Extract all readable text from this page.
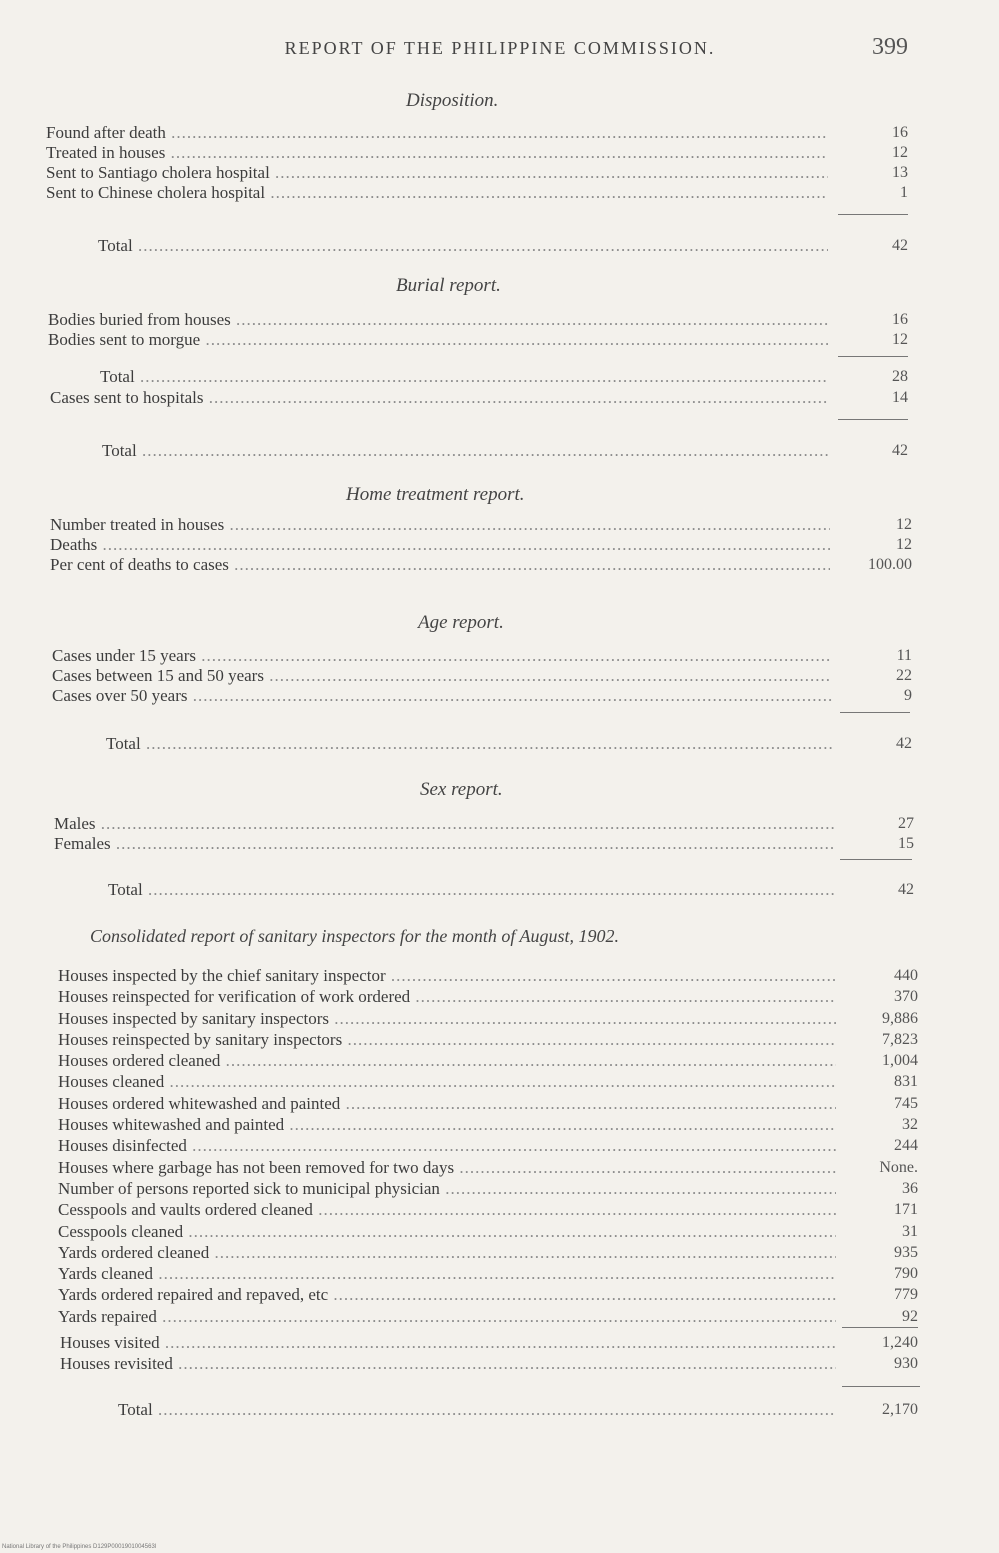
REPORT OF THE PHILIPPINE COMMISSION.	399
Disposition.
Found after death .....	16
Treated in houses .....	12
Sent to Santiago cholera hospital .....	13
Sent to Chinese cholera hospital .....	1
Total .....	42
Burial report.
Bodies buried from houses .....	16
Bodies sent to morgue .....	12
Total .....	28
Cases sent to hospitals .....	14
Total .....	42
Home treatment report.
Number treated in houses .....	12
Deaths .....	12
Per cent of deaths to cases .....	100.00
Age report.
Cases under 15 years .....	11
Cases between 15 and 50 years .....	22
Cases over 50 years .....	9
Total .....	42
Sex report.
Males .....	27
Females .....	15
Total .....	42
Consolidated report of sanitary inspectors for the month of August, 1902.
Houses inspected by the chief sanitary inspector .....	440
Houses reinspected for verification of work ordered .....	370
Houses inspected by sanitary inspectors .....	9,886
Houses reinspected by sanitary inspectors .....	7,823
Houses ordered cleaned .....	1,004
Houses cleaned .....	831
Houses ordered whitewashed and painted .....	745
Houses whitewashed and painted .....	32
Houses disinfected .....	244
Houses where garbage has not been removed for two days .....	None.
Number of persons reported sick to municipal physician .....	36
Cesspools and vaults ordered cleaned .....	171
Cesspools cleaned .....	31
Yards ordered cleaned .....	935
Yards cleaned .....	790
Yards ordered repaired and repaved, etc .....	779
Yards repaired .....	92
Houses visited .....	1,240
Houses revisited .....	930
Total .....	2,170
National Library of the Philippines D129P0001901004563l
